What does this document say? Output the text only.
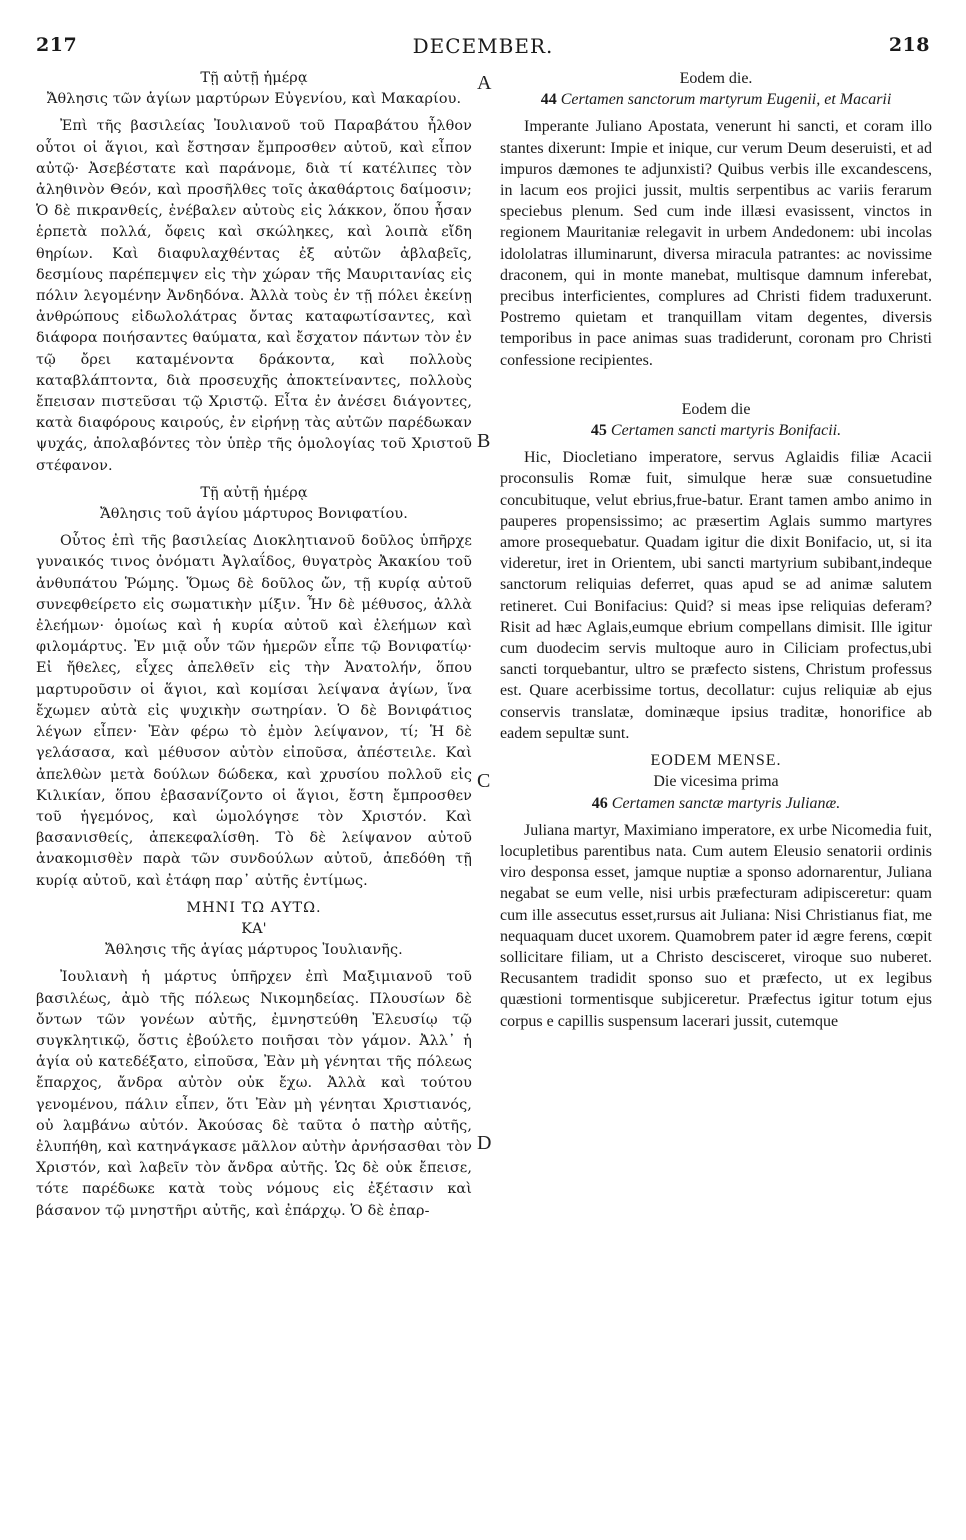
217	DECEMBER.	218
A
B
C
D

Τῇ αὐτῇ ἡμέρᾳ

Ἄθλησις τῶν ἁγίων μαρτύρων Εὐγενίου, καὶ Μακαρίου.

Ἐπὶ τῆς βασιλείας Ἰουλιανοῦ τοῦ Παραβάτου ἦλθον οὗτοι οἱ ἅγιοι, καὶ ἔστησαν ἔμπροσθεν αὐτοῦ, καὶ εἶπον αὐτῷ· Ἀσεβέστατε καὶ παράνομε, διὰ τί κατέλιπες τὸν ἀληθινὸν Θεόν, καὶ προσῆλθες τοῖς ἀκαθάρτοις δαίμοσιν; Ὁ δὲ πικρανθείς, ἐνέβαλεν αὐτοὺς εἰς λάκκον, ὅπου ἦσαν ἑρπετὰ πολλά, ὄφεις καὶ σκώληκες, καὶ λοιπὰ εἴδη θηρίων. Καὶ διαφυλαχθέντας ἐξ αὐτῶν ἀβλαβεῖς, δεσμίους παρέπεμψεν εἰς τὴν χώραν τῆς Μαυριτανίας εἰς πόλιν λεγομένην Ἀνδηδόνα. Ἀλλὰ τοὺς ἐν τῇ πόλει ἐκείνῃ ἀνθρώπους εἰδωλολάτρας ὄντας καταφωτίσαντες, καὶ διάφορα ποιήσαντες θαύματα, καὶ ἔσχατον πάντων τὸν ἐν τῷ ὄρει καταμένοντα δράκοντα, καὶ πολλοὺς καταβλάπτοντα, διὰ προσευχῆς ἀποκτείναντες, πολλοὺς ἔπεισαν πιστεῦσαι τῷ Χριστῷ. Εἶτα ἐν ἀνέσει διάγοντες, κατὰ διαφόρους καιρούς, ἐν εἰρήνῃ τὰς αὐτῶν παρέδωκαν ψυχάς, ἀπολαβόντες τὸν ὑπὲρ τῆς ὁμολογίας τοῦ Χριστοῦ στέφανον.

Τῇ αὐτῇ ἡμέρᾳ

Ἄθλησις τοῦ ἁγίου μάρτυρος Βονιφατίου.

Οὗτος ἐπὶ τῆς βασιλείας Διοκλητιανοῦ δοῦλος ὑπῆρχε γυναικός τινος ὀνόματι Ἀγλαΐδος, θυγατρὸς Ἀκακίου τοῦ ἀνθυπάτου Ῥώμης. Ὅμως δὲ δοῦλος ὤν, τῇ κυρίᾳ αὐτοῦ συνεφθείρετο εἰς σωματικὴν μίξιν. Ἦν δὲ μέθυσος, ἀλλὰ ἐλεήμων· ὁμοίως καὶ ἡ κυρία αὐτοῦ καὶ ἐλεήμων καὶ φιλομάρτυς. Ἐν μιᾷ οὖν τῶν ἡμερῶν εἶπε τῷ Βονιφατίῳ· Εἰ ἤθελες, εἶχες ἀπελθεῖν εἰς τὴν Ἀνατολήν, ὅπου μαρτυροῦσιν οἱ ἅγιοι, καὶ κομίσαι λείψανα ἁγίων, ἵνα ἔχωμεν αὐτὰ εἰς ψυχικὴν σωτηρίαν. Ὁ δὲ Βονιφάτιος λέγων εἶπεν· Ἐὰν φέρω τὸ ἐμὸν λείψανον, τί; Ἡ δὲ γελάσασα, καὶ μέθυσον αὐτὸν εἰποῦσα, ἀπέστειλε. Καὶ ἀπελθὼν μετὰ δούλων δώδεκα, καὶ χρυσίου πολλοῦ εἰς Κιλικίαν, ὅπου ἐβασανίζοντο οἱ ἅγιοι, ἔστη ἔμπροσθεν τοῦ ἡγεμόνος, καὶ ὡμολόγησε τὸν Χριστόν. Καὶ βασανισθείς, ἀπεκεφαλίσθη. Τὸ δὲ λείψανον αὐτοῦ ἀνακομισθὲν παρὰ τῶν συνδούλων αὐτοῦ, ἀπεδόθη τῇ κυρίᾳ αὐτοῦ, καὶ ἐτάφη παρ᾽ αὐτῆς ἐντίμως.

ΜΗΝΙ ΤΩ ΑΥΤΩ.

ΚΑ'

Ἄθλησις τῆς ἁγίας μάρτυρος Ἰουλιανῆς.

Ἰουλιανὴ ἡ μάρτυς ὑπῆρχεν ἐπὶ Μαξιμιανοῦ τοῦ βασιλέως, ἀμὸ τῆς πόλεως Νικομηδείας. Πλουσίων δὲ ὄντων τῶν γονέων αὐτῆς, ἐμνηστεύθη Ἐλευσίῳ τῷ συγκλητικῷ, ὅστις ἐβούλετο ποιῆσαι τὸν γάμον. Ἀλλ᾽ ἡ ἁγία οὐ κατεδέξατο, εἰποῦσα, Ἐὰν μὴ γένηται τῆς πόλεως ἔπαρχος, ἄνδρα αὐτὸν οὐκ ἔχω. Ἀλλὰ καὶ τούτου γενομένου, πάλιν εἶπεν, ὅτι Ἐὰν μὴ γένηται Χριστιανός, οὐ λαμβάνω αὐτόν. Ἀκούσας δὲ ταῦτα ὁ πατὴρ αὐτῆς, ἐλυπήθη, καὶ κατηνάγκασε μᾶλλον αὐτὴν ἀρνήσασθαι τὸν Χριστόν, καὶ λαβεῖν τὸν ἄνδρα αὐτῆς. Ὡς δὲ οὐκ ἔπεισε, τότε παρέδωκε κατὰ τοὺς νόμους εἰς ἐξέτασιν καὶ βάσανον τῷ μνηστῆρι αὐτῆς, καὶ ἐπάρχῳ. Ὁ δὲ ἐπαρ-

Eodem die.

44 Certamen sanctorum martyrum Eugenii, et Macarii

Imperante Juliano Apostata, venerunt hi sancti, et coram illo stantes dixerunt: Impie et inique, cur verum Deum deseruisti, et ad impuros dæmones te adjunxisti? Quibus verbis ille excandescens, in lacum eos projici jussit, multis serpentibus ac variis ferarum speciebus plenum. Sed cum inde illæsi evasissent, vinctos in regionem Mauritaniæ relegavit in urbem Andedonem: ubi incolas idololatras illuminarunt, diversa miracula patrantes: ac novissime draconem, qui in monte manebat, multisque damnum inferebat, precibus interficientes, complures ad Christi fidem traduxerunt. Postremo quietam et tranquillam vitam degentes, diversis temporibus in pace animas suas tradiderunt, coronam pro Christi confessione recipientes.

Eodem die

45 Certamen sancti martyris Bonifacii.

Hic, Diocletiano imperatore, servus Aglaidis filiæ Acacii proconsulis Romæ fuit, simulque heræ suæ consuetudine concubituque, velut ebrius,frue-batur. Erant tamen ambo animo in pauperes propensissimo; ac præsertim Aglais summo martyres amore prosequebatur. Quadam igitur die dixit Bonifacio, ut, si ita videretur, iret in Orientem, ubi sancti martyrium subibant,indeque sanctorum reliquias deferret, quas apud se ad animæ salutem retineret. Cui Bonifacius: Quid? si meas ipse reliquias deferam? Risit ad hæc Aglais,eumque ebrium compellans dimisit. Ille igitur cum duodecim servis multoque auro in Ciliciam profectus,ubi sancti torquebantur, ultro se præfecto sistens, Christum professus est. Quare acerbissime tortus, decollatur: cujus reliquiæ ab ejus conservis translatæ, dominæque ipsius traditæ, honorifice ab eadem sepultæ sunt.

EODEM MENSE.

Die vicesima prima

46 Certamen sanctæ martyris Julianæ.

Juliana martyr, Maximiano imperatore, ex urbe Nicomedia fuit, locupletibus parentibus nata. Cum autem Eleusio senatorii ordinis viro desponsa esset, jamque nuptiæ a sponso adornarentur, Juliana negabat se eum velle, nisi urbis præfecturam adipisceretur: quam cum ille assecutus esset,rursus ait Juliana: Nisi Christianus fiat, me nequaquam ducet uxorem. Quamobrem pater id ægre ferens, cœpit sollicitare filiam, ut a Christo descisceret, viroque suo nuberet. Recusantem tradidit sponso suo et præfecto, ut ex legibus quæstioni tormentisque subjiceretur. Præfectus igitur totum ejus corpus e capillis suspensum lacerari jussit, cutemque
